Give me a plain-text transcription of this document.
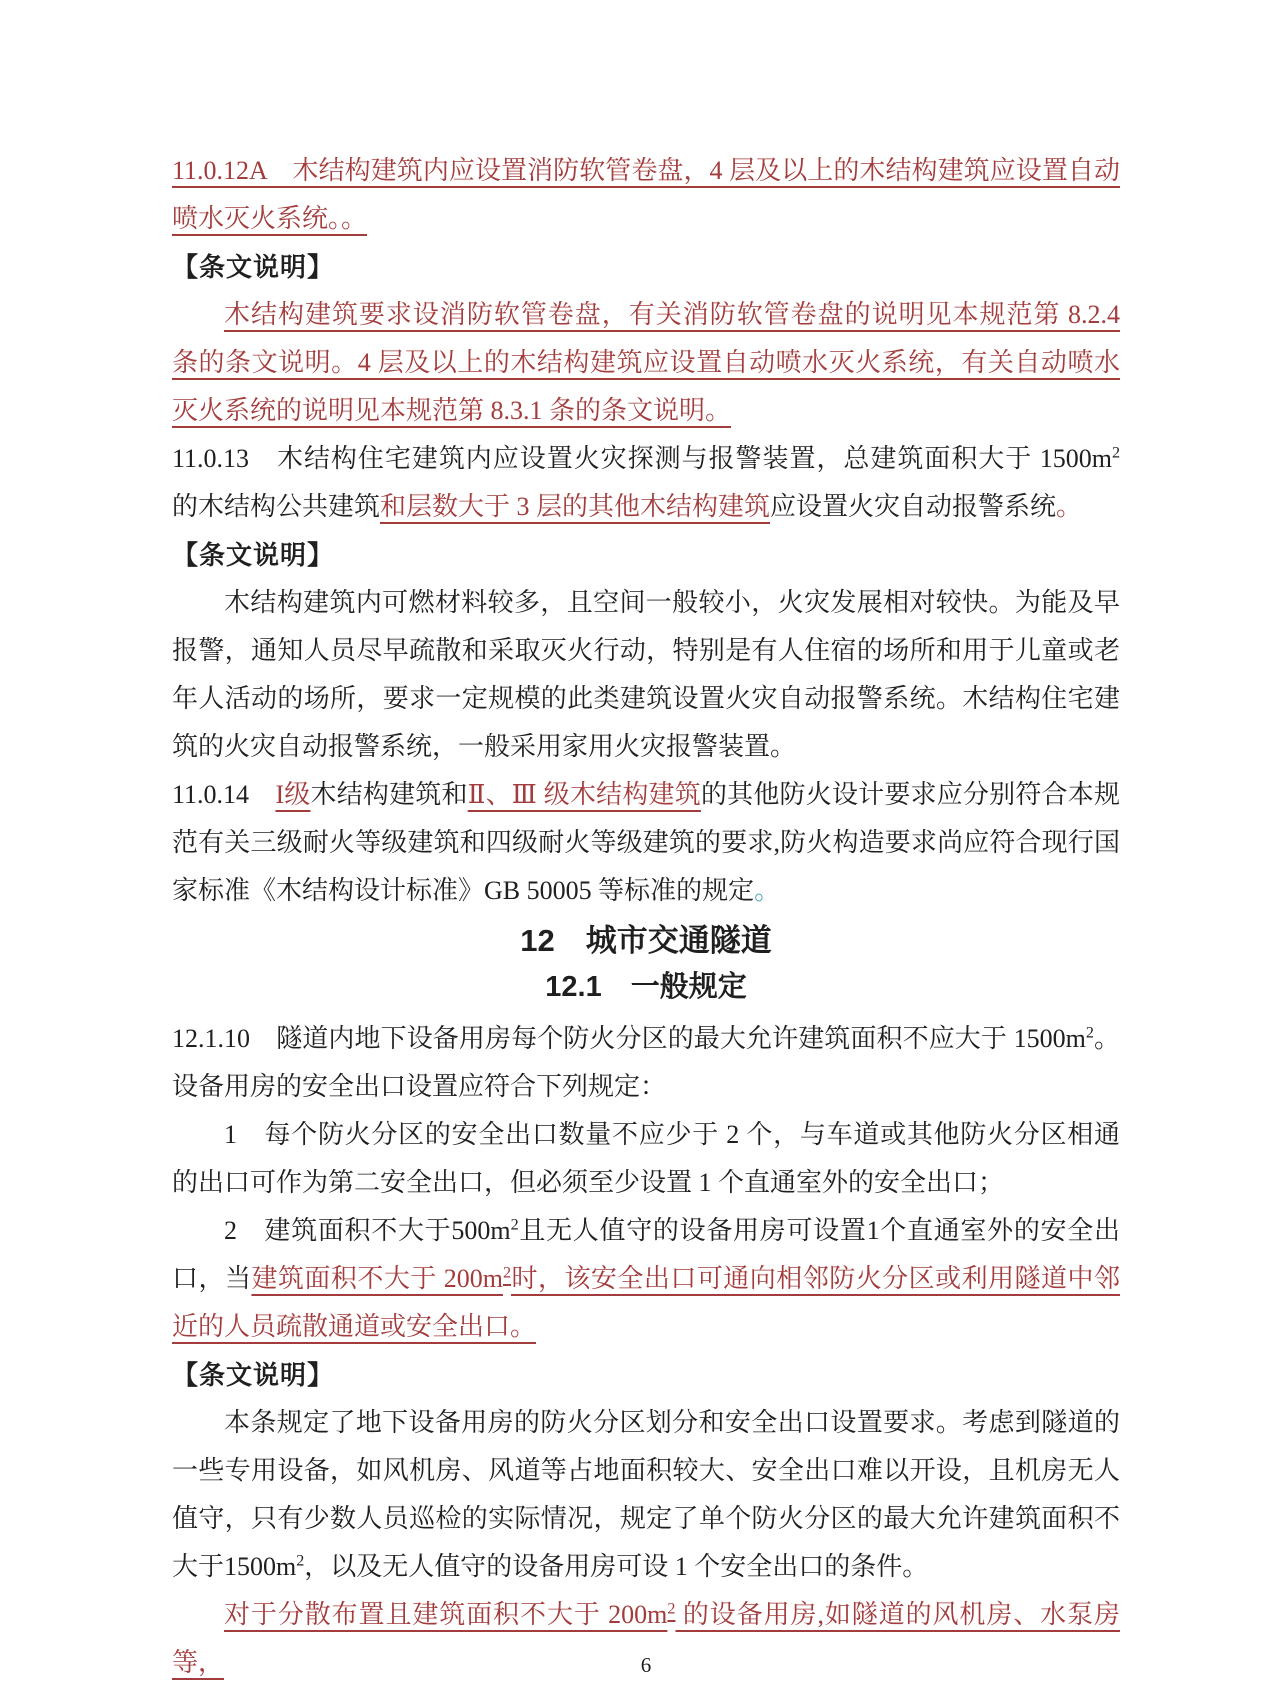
11.0.12A　木结构建筑内应设置消防软管卷盘，4 层及以上的木结构建筑应设置自动喷水灭火系统。。

【条文说明】

木结构建筑要求设消防软管卷盘，有关消防软管卷盘的说明见本规范第 8.2.4 条的条文说明。4 层及以上的木结构建筑应设置自动喷水灭火系统，有关自动喷水灭火系统的说明见本规范第 8.3.1 条的条文说明。

11.0.13　木结构住宅建筑内应设置火灾探测与报警装置，总建筑面积大于 $1500m^2$ 的木结构公共建筑和层数大于 3 层的其他木结构建筑应设置火灾自动报警系统。

【条文说明】

木结构建筑内可燃材料较多，且空间一般较小，火灾发展相对较快。为能及早报警，通知人员尽早疏散和采取灭火行动，特别是有人住宿的场所和用于儿童或老年人活动的场所，要求一定规模的此类建筑设置火灾自动报警系统。木结构住宅建筑的火灾自动报警系统，一般采用家用火灾报警装置。

11.0.14　I级木结构建筑和Ⅱ、Ⅲ 级木结构建筑的其他防火设计要求应分别符合本规范有关三级耐火等级建筑和四级耐火等级建筑的要求,防火构造要求尚应符合现行国家标准《木结构设计标准》GB 50005 等标准的规定。

12　城市交通隧道

12.1　一般规定

12.1.10　隧道内地下设备用房每个防火分区的最大允许建筑面积不应大于 $1500m^2$。设备用房的安全出口设置应符合下列规定：

1　每个防火分区的安全出口数量不应少于 2 个，与车道或其他防火分区相通的出口可作为第二安全出口，但必须至少设置 1 个直通室外的安全出口；

2　建筑面积不大于$500m^2$且无人值守的设备用房可设置1个直通室外的安全出口，当建筑面积不大于 $200m^2$时，该安全出口可通向相邻防火分区或利用隧道中邻近的人员疏散通道或安全出口。

【条文说明】

本条规定了地下设备用房的防火分区划分和安全出口设置要求。考虑到隧道的一些专用设备，如风机房、风道等占地面积较大、安全出口难以开设，且机房无人值守，只有少数人员巡检的实际情况，规定了单个防火分区的最大允许建筑面积不大于$1500m^2$，以及无人值守的设备用房可设 1 个安全出口的条件。

对于分散布置且建筑面积不大于 $200m^2$ 的设备用房,如隧道的风机房、水泵房等，	6
